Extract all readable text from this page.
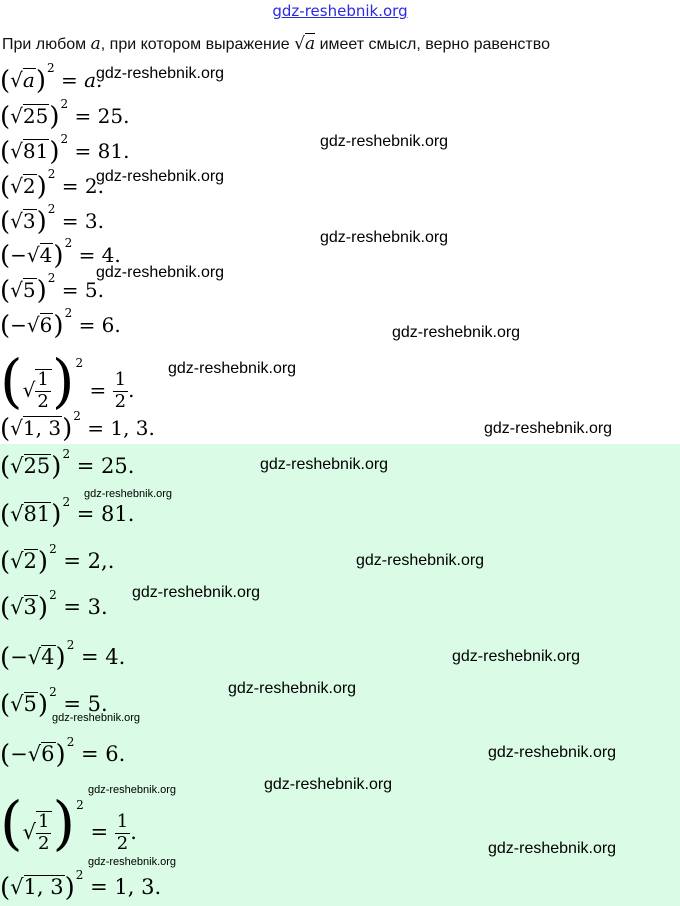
gdz-reshebnik.org
При любом a, при котором выражение √a имеет смысл, верно равенство
$(√a)^2 = a$.
$(√25)^2 = 25$.
$(√81)^2 = 81$.
$(√2)^2 = 2$.
$(√3)^2 = 3$.
$(-√4)^2 = 4$.
$(√5)^2 = 5$.
$(-√6)^2 = 6$.
(√ $\frac{1}{2} )^2 = \frac{1}{2}$ .
(√1, 3)$^2$ = 1, 3.
$(√25)^2 = 25$.
$(√81)^2 = 81$.
$(√2)^2 = 2$,.
$(√3)^2 = 3$.
$(-√4)^2 = 4$.
$(√5)^2 = 5$.
$(-√6)^2 = 6$.
(√ $\frac{1}{2} )^2 = \frac{1}{2}$ .
(√1, 3)$^2$ = 1, 3.
gdz-reshebnik.org
gdz-reshebnik.org
gdz-reshebnik.org
gdz-reshebnik.org
gdz-reshebnik.org
gdz-reshebnik.org
gdz-reshebnik.org
gdz-reshebnik.org
gdz-reshebnik.org
gdz-reshebnik.org
gdz-reshebnik.org
gdz-reshebnik.org
gdz-reshebnik.org
gdz-reshebnik.org
gdz-reshebnik.org
gdz-reshebnik.org
gdz-reshebnik.org
gdz-reshebnik.org
gdz-reshebnik.org
gdz-reshebnik.org
